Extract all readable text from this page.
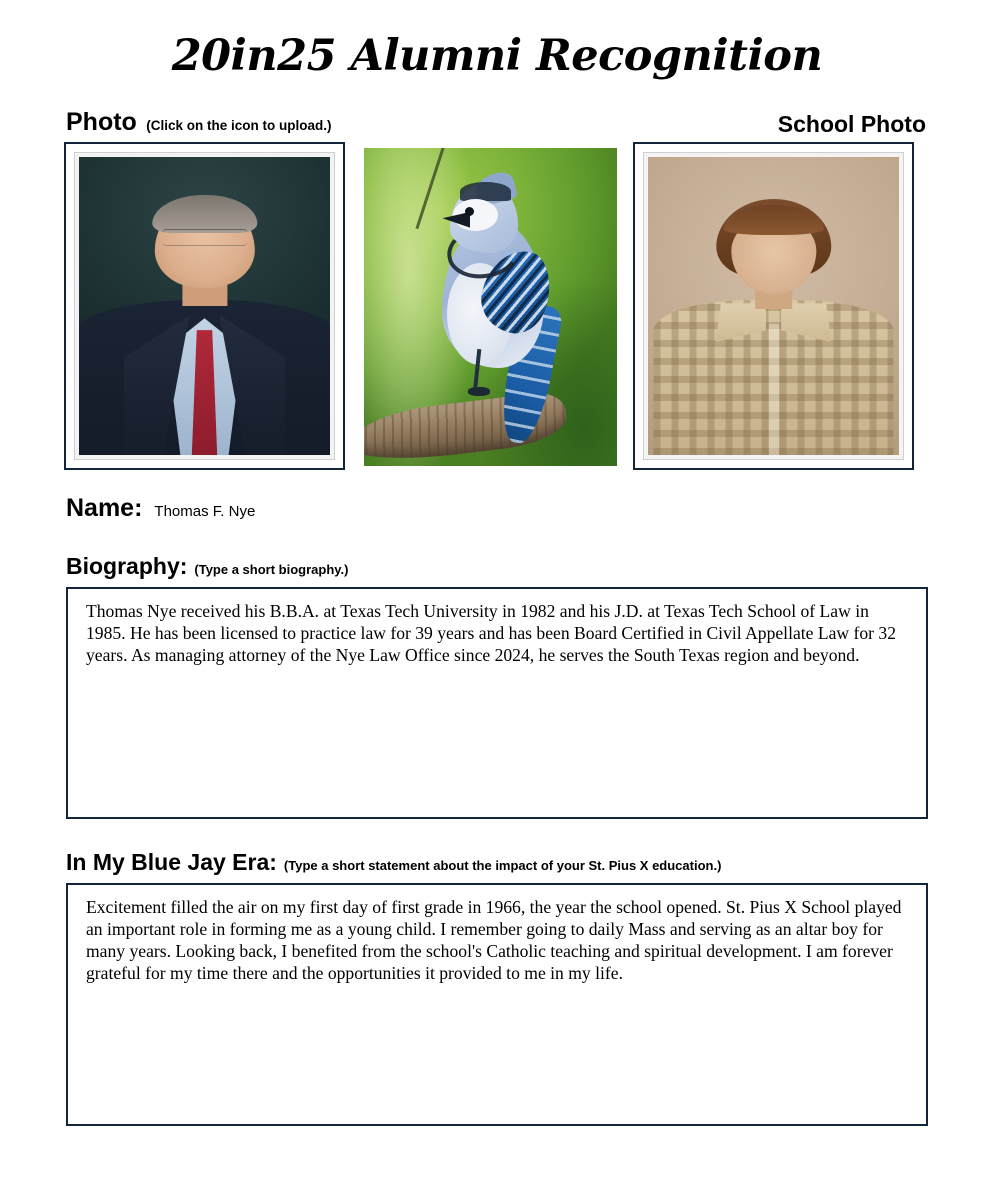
20in25 Alumni Recognition
Photo (Click on the icon to upload.)	School Photo
Name: Thomas F. Nye
Biography: (Type a short biography.)

Thomas Nye received his B.B.A. at Texas Tech University in 1982 and his J.D. at Texas Tech School of Law in 1985. He has been licensed to practice law for 39 years and has been Board Certified in Civil Appellate Law for 32 years. As managing attorney of the Nye Law Office since 2024, he serves the South Texas region and beyond.

In My Blue Jay Era: (Type a short statement about the impact of your St. Pius X education.)

Excitement filled the air on my first day of first grade in 1966, the year the school opened. St. Pius X School played an important role in forming me as a young child. I remember going to daily Mass and serving as an altar boy for many years. Looking back, I benefited from the school's Catholic teaching and spiritual development. I am forever grateful for my time there and the opportunities it provided to me in my life.
